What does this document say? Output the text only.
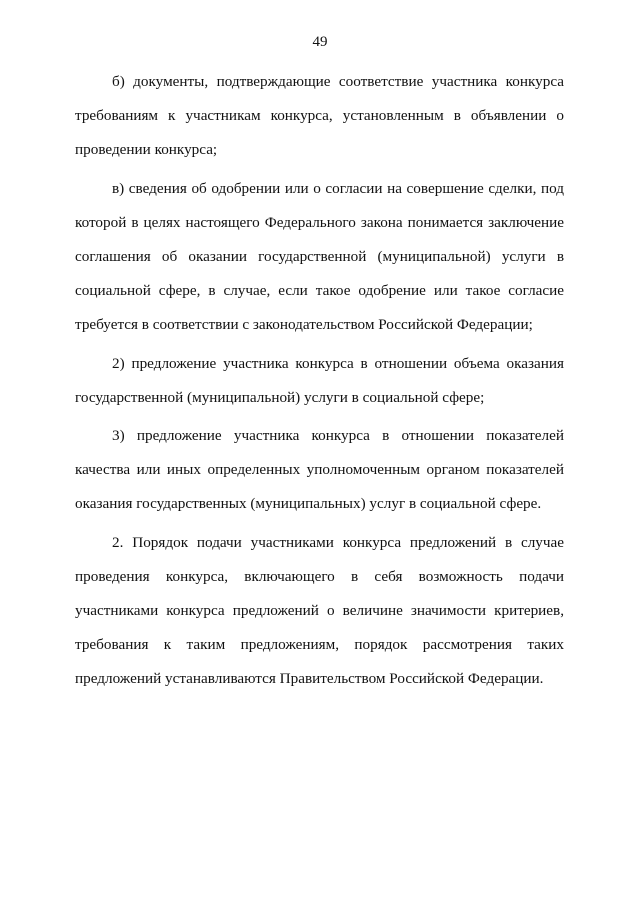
49

б) документы, подтверждающие соответствие участника конкурса требованиям к участникам конкурса, установленным в объявлении о проведении конкурса;

в) сведения об одобрении или о согласии на совершение сделки, под которой в целях настоящего Федерального закона понимается заключение соглашения об оказании государственной (муниципальной) услуги в социальной сфере, в случае, если такое одобрение или такое согласие требуется в соответствии с законодательством Российской Федерации;

2) предложение участника конкурса в отношении объема оказания государственной (муниципальной) услуги в социальной сфере;

3) предложение участника конкурса в отношении показателей качества или иных определенных уполномоченным органом показателей оказания государственных (муниципальных) услуг в социальной сфере.

2. Порядок подачи участниками конкурса предложений в случае проведения конкурса, включающего в себя возможность подачи участниками конкурса предложений о величине значимости критериев, требования к таким предложениям, порядок рассмотрения таких предложений устанавливаются Правительством Российской Федерации.
